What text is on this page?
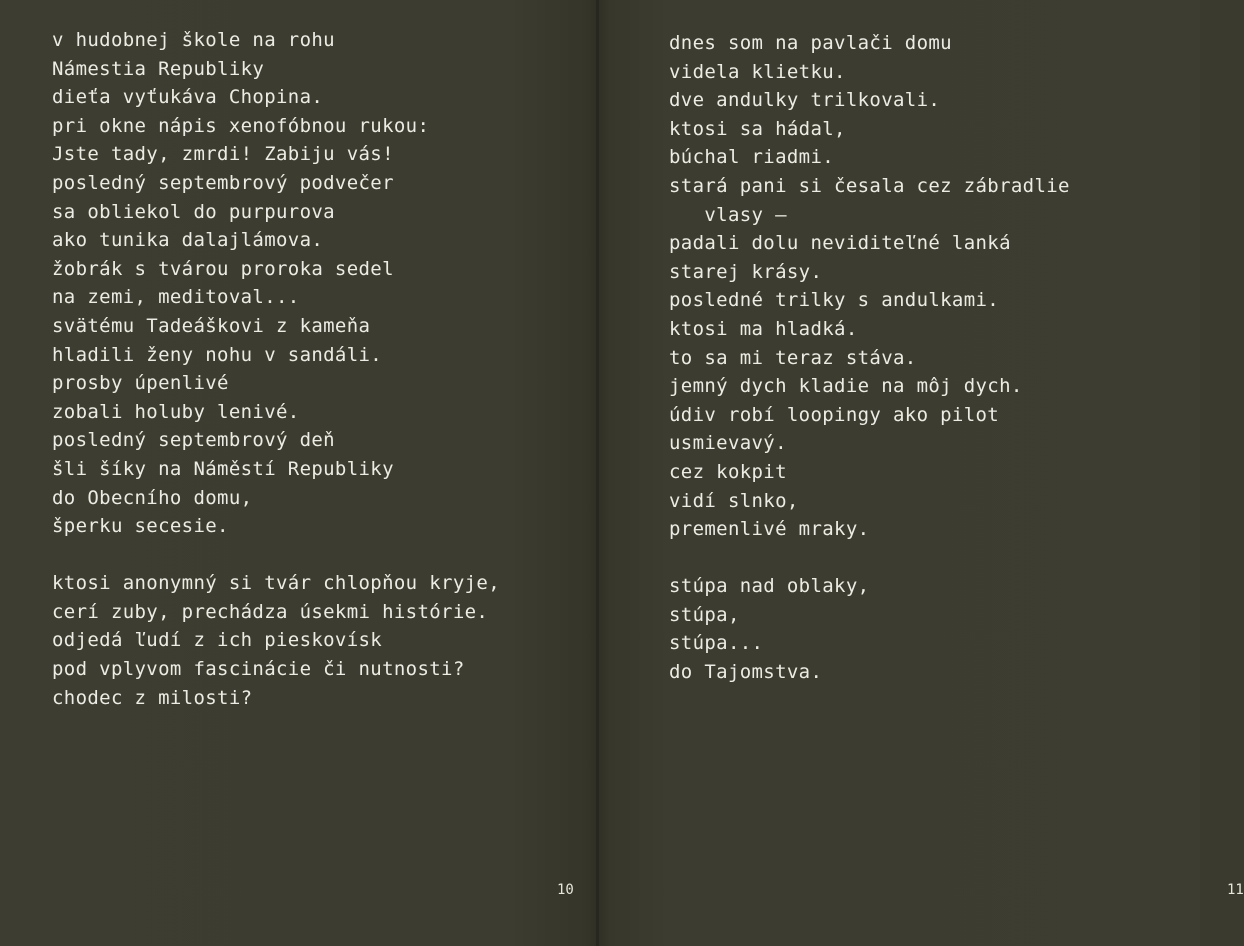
v hudobnej škole na rohu
Námestia Republiky
dieťa vyťukáva Chopina.
pri okne nápis xenofóbnou rukou:
Jste tady, zmrdi! Zabiju vás!
posledný septembrový podvečer
sa obliekol do purpurova
ako tunika dalajlámova.
žobrák s tvárou proroka sedel
na zemi, meditoval...
svätému Tadeáškovi z kameňa
hladili ženy nohu v sandáli.
prosby úpenlivé
zobali holuby lenivé.
posledný septembrový deň
šli šíky na Náměstí Republiky
do Obecního domu,
šperku secesie.
ktosi anonymný si tvár chlopňou kryje,
cerí zuby, prechádza úsekmi histórie.
odjedá ľudí z ich pieskovísk
pod vplyvom fascinácie či nutnosti?
chodec z milosti?
10
dnes som na pavlači domu
videla klietku.
dve andulky trilkovali.
ktosi sa hádal,
búchal riadmi.
stará pani si česala cez zábradlie
vlasy –
padali dolu neviditeľné lanká
starej krásy.
posledné trilky s andulkami.
ktosi ma hladká.
to sa mi teraz stáva.
jemný dych kladie na môj dych.
údiv robí loopingy ako pilot
usmievavý.
cez kokpit
vidí slnko,
premenlivé mraky.
stúpa nad oblaky,
stúpa,
stúpa...
do Tajomstva.
11
